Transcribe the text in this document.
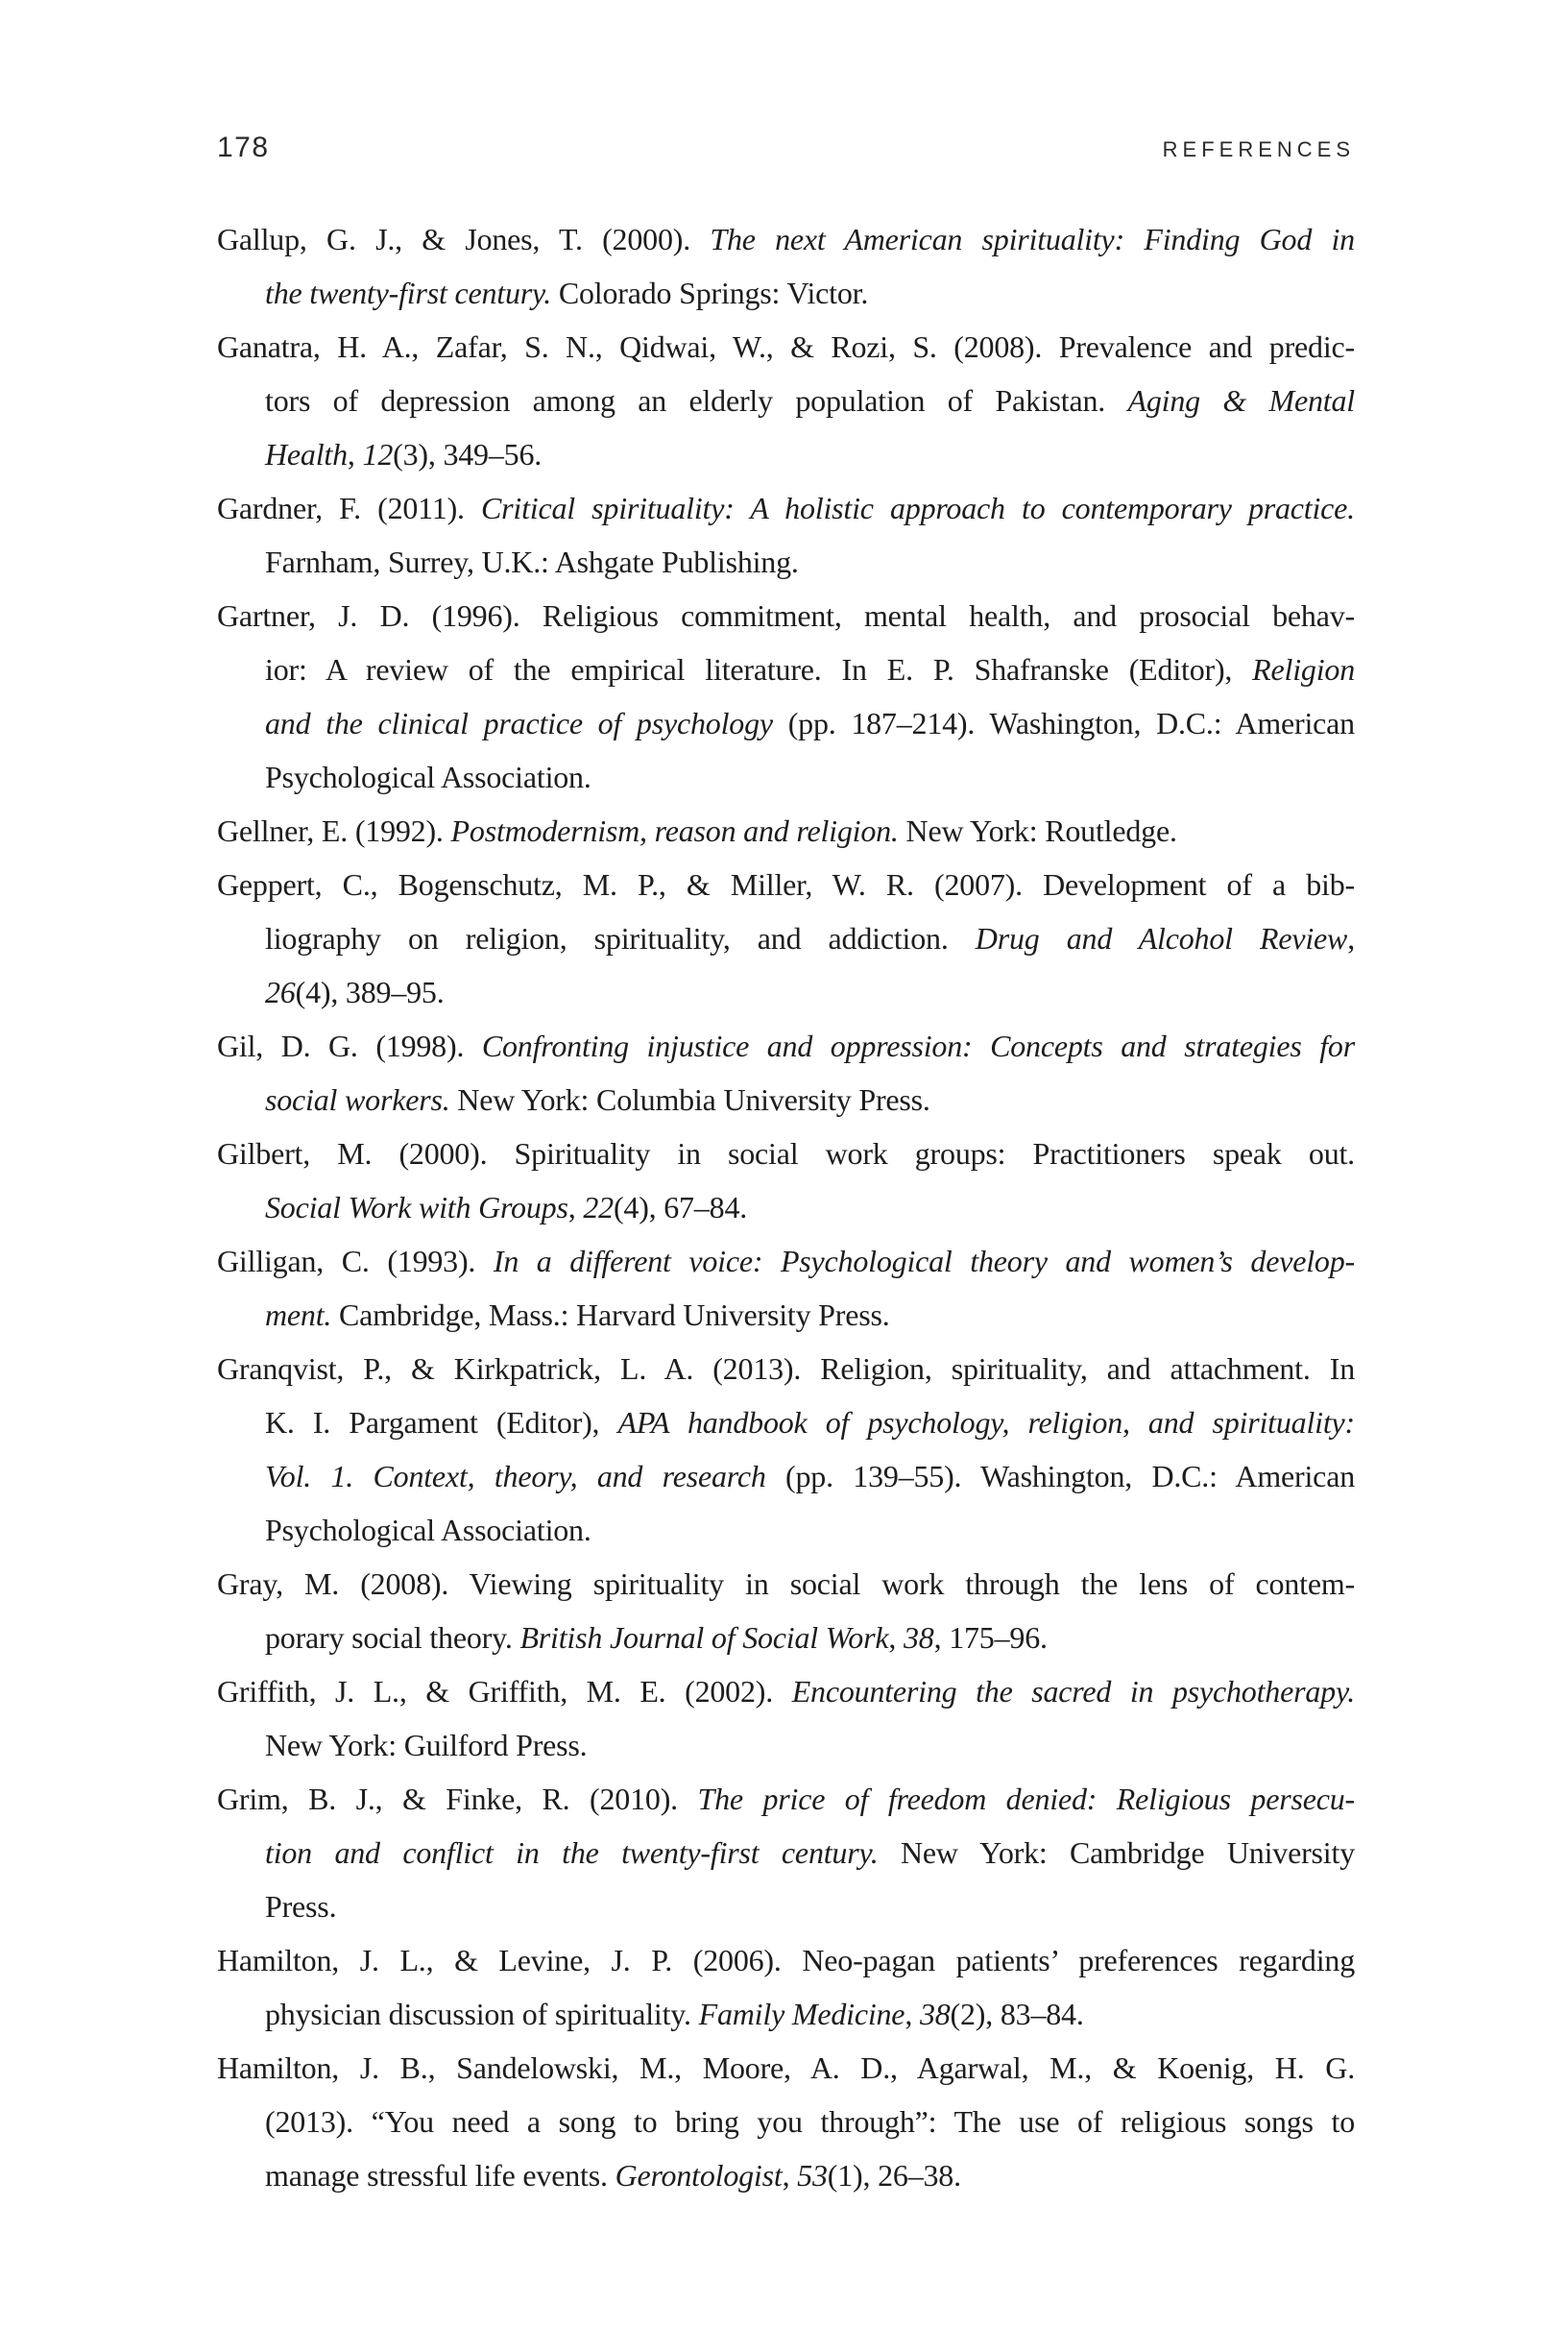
178	REFERENCES
Gallup, G. J., & Jones, T. (2000). The next American spirituality: Finding God in
the twenty-first century. Colorado Springs: Victor.
Ganatra, H. A., Zafar, S. N., Qidwai, W., & Rozi, S. (2008). Prevalence and predic-
tors of depression among an elderly population of Pakistan. Aging & Mental
Health, 12(3), 349–56.
Gardner, F. (2011). Critical spirituality: A holistic approach to contemporary practice.
Farnham, Surrey, U.K.: Ashgate Publishing.
Gartner, J. D. (1996). Religious commitment, mental health, and prosocial behav-
ior: A review of the empirical literature. In E. P. Shafranske (Editor), Religion
and the clinical practice of psychology (pp. 187–214). Washington, D.C.: American
Psychological Association.
Gellner, E. (1992). Postmodernism, reason and religion. New York: Routledge.
Geppert, C., Bogenschutz, M. P., & Miller, W. R. (2007). Development of a bib-
liography on religion, spirituality, and addiction. Drug and Alcohol Review,
26(4), 389–95.
Gil, D. G. (1998). Confronting injustice and oppression: Concepts and strategies for
social workers. New York: Columbia University Press.
Gilbert, M. (2000). Spirituality in social work groups: Practitioners speak out.
Social Work with Groups, 22(4), 67–84.
Gilligan, C. (1993). In a different voice: Psychological theory and women’s develop-
ment. Cambridge, Mass.: Harvard University Press.
Granqvist, P., & Kirkpatrick, L. A. (2013). Religion, spirituality, and attachment. In
K. I. Pargament (Editor), APA handbook of psychology, religion, and spirituality:
Vol. 1. Context, theory, and research (pp. 139–55). Washington, D.C.: American
Psychological Association.
Gray, M. (2008). Viewing spirituality in social work through the lens of contem-
porary social theory. British Journal of Social Work, 38, 175–96.
Griffith, J. L., & Griffith, M. E. (2002). Encountering the sacred in psychotherapy.
New York: Guilford Press.
Grim, B. J., & Finke, R. (2010). The price of freedom denied: Religious persecu-
tion and conflict in the twenty-first century. New York: Cambridge University
Press.
Hamilton, J. L., & Levine, J. P. (2006). Neo-pagan patients’ preferences regarding
physician discussion of spirituality. Family Medicine, 38(2), 83–84.
Hamilton, J. B., Sandelowski, M., Moore, A. D., Agarwal, M., & Koenig, H. G.
(2013). “You need a song to bring you through”: The use of religious songs to
manage stressful life events. Gerontologist, 53(1), 26–38.
